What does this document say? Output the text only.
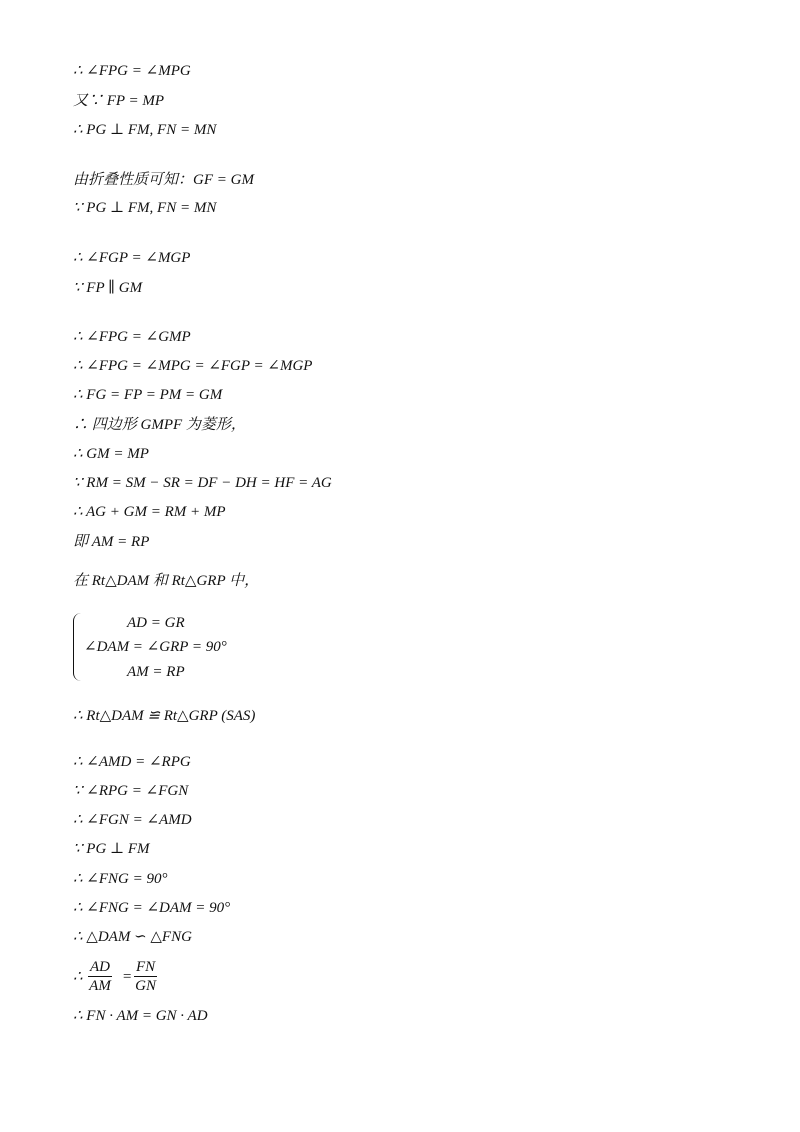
∴ ∠FPG = ∠MPG
又∵ FP = MP
∴ PG ⊥ FM, FN = MN
由折叠性质可知：GF = GM
∵ PG ⊥ FM, FN = MN
∴ ∠FGP = ∠MGP
∵ FP ∥ GM
∴ ∠FPG = ∠GMP
∴ ∠FPG = ∠MPG = ∠FGP = ∠MGP
∴ FG = FP = PM = GM
∴ 四边形 GMPF 为菱形，
∴ GM = MP
∵ RM = SM − SR = DF − DH = HF = AG
∴ AG + GM = RM + MP
即 AM = RP
在 Rt△DAM 和 Rt△GRP 中，
AD = GR
∠DAM = ∠GRP = 90°
AM = RP
∴ Rt△DAM ≌ Rt△GRP (SAS)
∴ ∠AMD = ∠RPG
∵ ∠RPG = ∠FGN
∴ ∠FGN = ∠AMD
∵ PG ⊥ FM
∴ ∠FNG = 90°
∴ ∠FNG = ∠DAM = 90°
∴ △DAM ∽ △FNG
∴ $\frac{AD}{AM} = \frac{FN}{GN}$
∴ FN · AM = GN · AD
